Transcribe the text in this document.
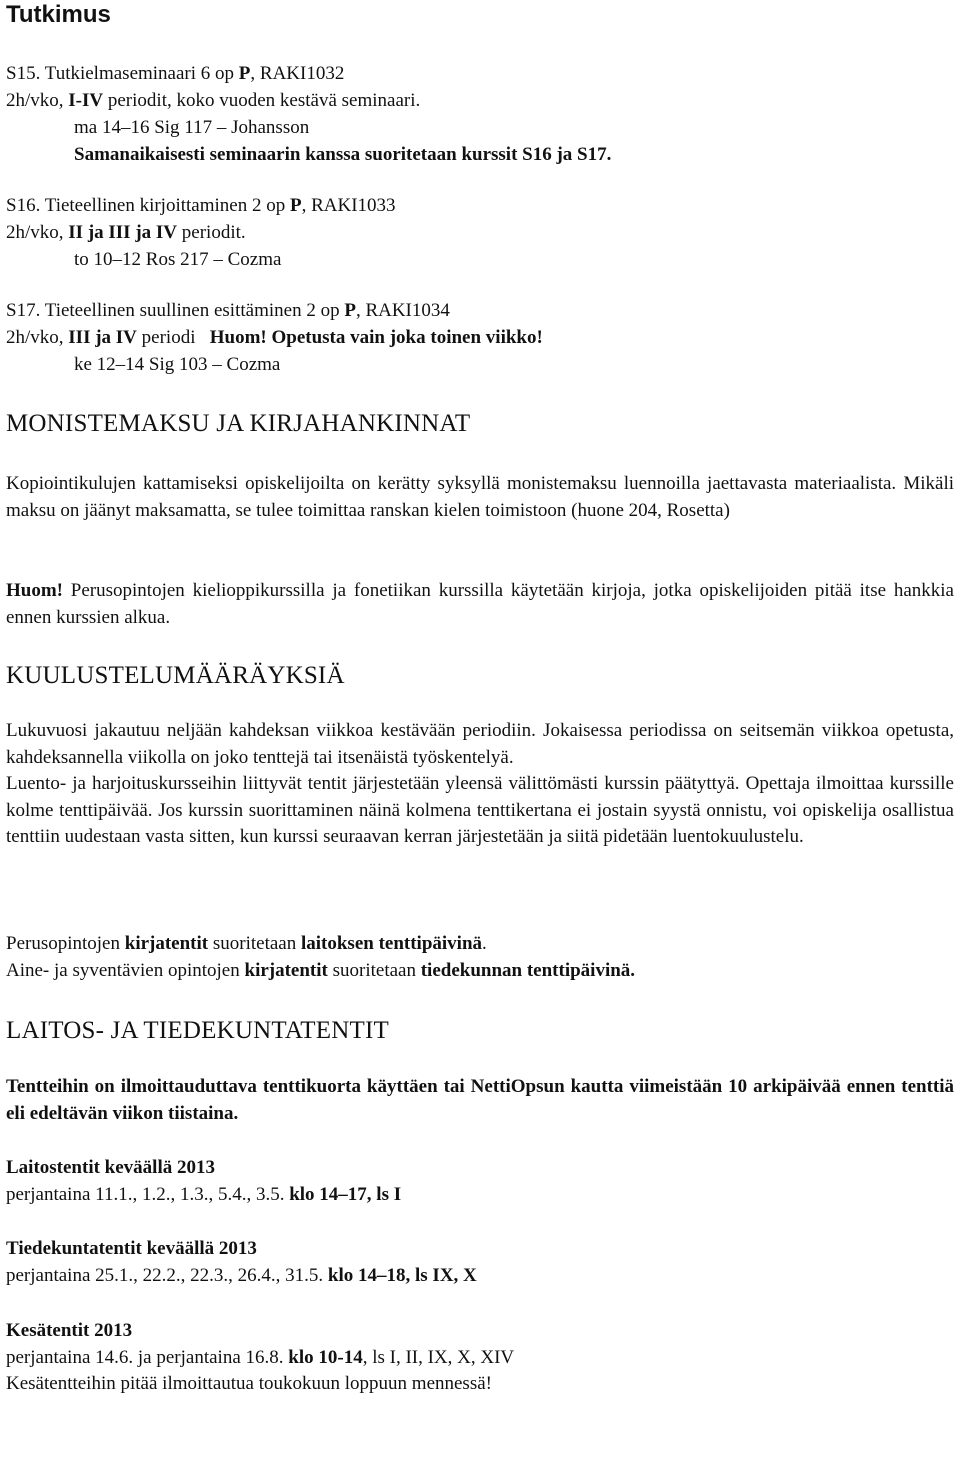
Tutkimus
S15. Tutkielmaseminaari 6 op P, RAKI1032
2h/vko, I-IV periodit, koko vuoden kestävä seminaari.
ma 14–16 Sig 117 – Johansson
Samanaikaisesti seminaarin kanssa suoritetaan kurssit S16 ja S17.
S16. Tieteellinen kirjoittaminen 2 op P, RAKI1033
2h/vko, II ja III ja IV periodit.
to 10–12 Ros 217 – Cozma
S17. Tieteellinen suullinen esittäminen 2 op P, RAKI1034
2h/vko, III ja IV periodi Huom! Opetusta vain joka toinen viikko!
ke 12–14 Sig 103 – Cozma
MONISTEMAKSU JA KIRJAHANKINNAT
Kopiointikulujen kattamiseksi opiskelijoilta on kerätty syksyllä monistemaksu luennoilla jaettavasta materiaalista. Mikäli maksu on jäänyt maksamatta, se tulee toimittaa ranskan kielen toimistoon (huone 204, Rosetta)
Huom! Perusopintojen kielioppikurssilla ja fonetiikan kurssilla käytetään kirjoja, jotka opiskelijoiden pitää itse hankkia ennen kurssien alkua.
KUULUSTELUMÄÄRÄYKSIÄ
Lukuvuosi jakautuu neljään kahdeksan viikkoa kestävään periodiin. Jokaisessa periodissa on seitsemän viikkoa opetusta, kahdeksannella viikolla on joko tenttejä tai itsenäistä työskentelyä.
Luento- ja harjoituskursseihin liittyvät tentit järjestetään yleensä välittömästi kurssin päätyttyä. Opettaja ilmoittaa kurssille kolme tenttipäivää. Jos kurssin suorittaminen näinä kolmena tenttikertana ei jostain syystä onnistu, voi opiskelija osallistua tenttiin uudestaan vasta sitten, kun kurssi seuraavan kerran järjestetään ja siitä pidetään luentokuulustelu.
Perusopintojen kirjatentit suoritetaan laitoksen tenttipäivinä.
Aine- ja syventävien opintojen kirjatentit suoritetaan tiedekunnan tenttipäivinä.
LAITOS- JA TIEDEKUNTATENTIT
Tentteihin on ilmoittauduttava tenttikuorta käyttäen tai NettiOpsun kautta viimeistään 10 arkipäivää ennen tenttiä eli edeltävän viikon tiistaina.
Laitostentit keväällä 2013
perjantaina 11.1., 1.2., 1.3., 5.4., 3.5. klo 14–17, ls I
Tiedekuntatentit keväällä 2013
perjantaina 25.1., 22.2., 22.3., 26.4., 31.5. klo 14–18, ls IX, X
Kesätentit 2013
perjantaina 14.6. ja perjantaina 16.8. klo 10-14, ls I, II, IX, X, XIV
Kesätentteihin pitää ilmoittautua toukokuun loppuun mennessä!
